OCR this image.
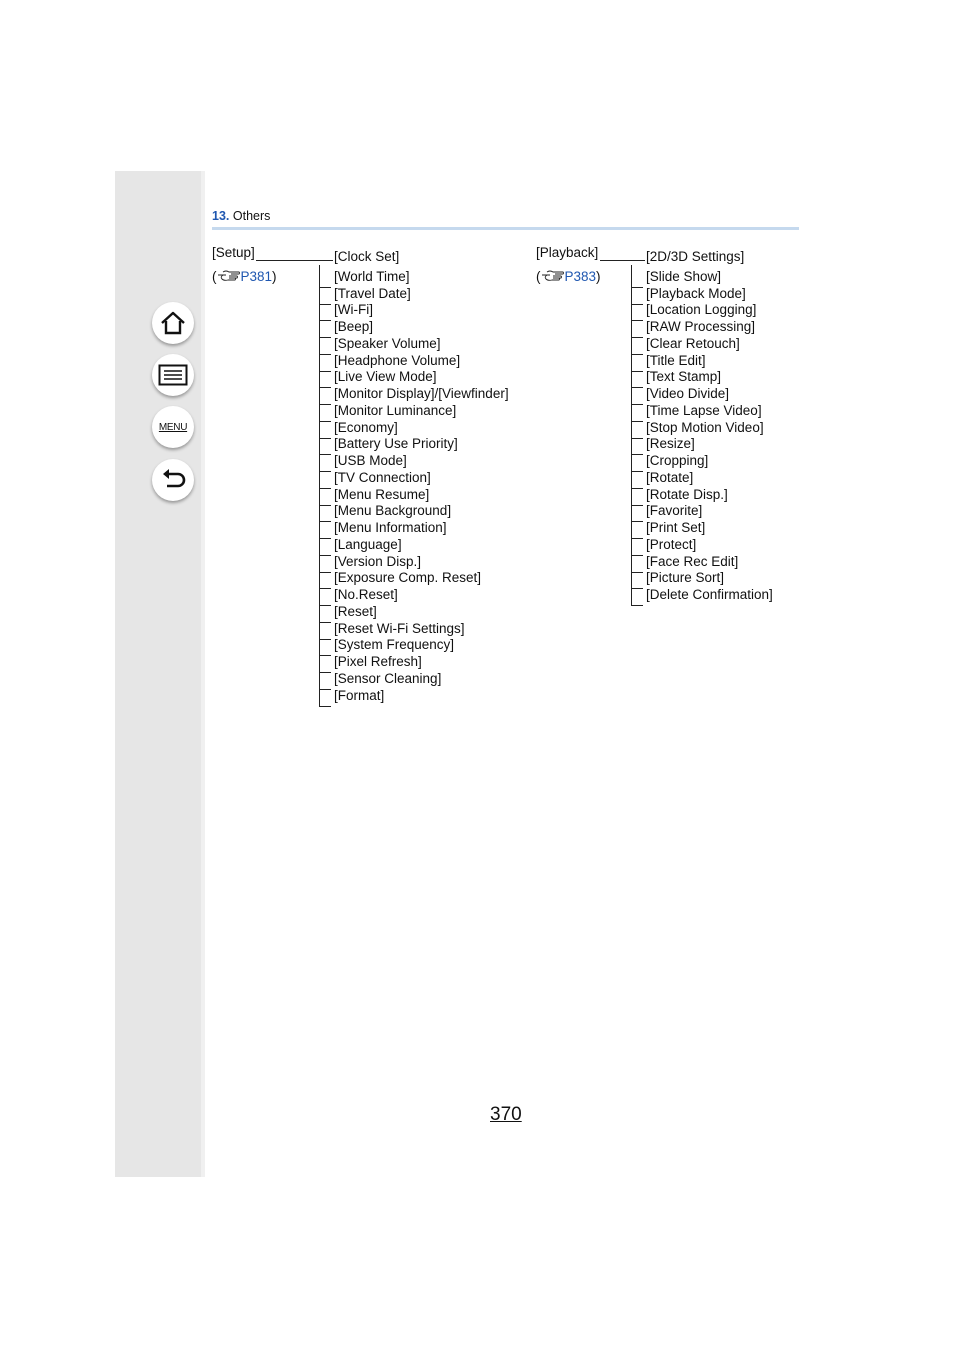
MENU
13. Others
[Setup]
( P381)
[Playback]
( P383)
370
[Clock Set]
[World Time]
[Travel Date]
[Wi-Fi]
[Beep]
[Speaker Volume]
[Headphone Volume]
[Live View Mode]
[Monitor Display]/[Viewfinder]
[Monitor Luminance]
[Economy]
[Battery Use Priority]
[USB Mode]
[TV Connection]
[Menu Resume]
[Menu Background]
[Menu Information]
[Language]
[Version Disp.]
[Exposure Comp. Reset]
[No.Reset]
[Reset]
[Reset Wi-Fi Settings]
[System Frequency]
[Pixel Refresh]
[Sensor Cleaning]
[Format]
[2D/3D Settings]
[Slide Show]
[Playback Mode]
[Location Logging]
[RAW Processing]
[Clear Retouch]
[Title Edit]
[Text Stamp]
[Video Divide]
[Time Lapse Video]
[Stop Motion Video]
[Resize]
[Cropping]
[Rotate]
[Rotate Disp.]
[Favorite]
[Print Set]
[Protect]
[Face Rec Edit]
[Picture Sort]
[Delete Confirmation]
